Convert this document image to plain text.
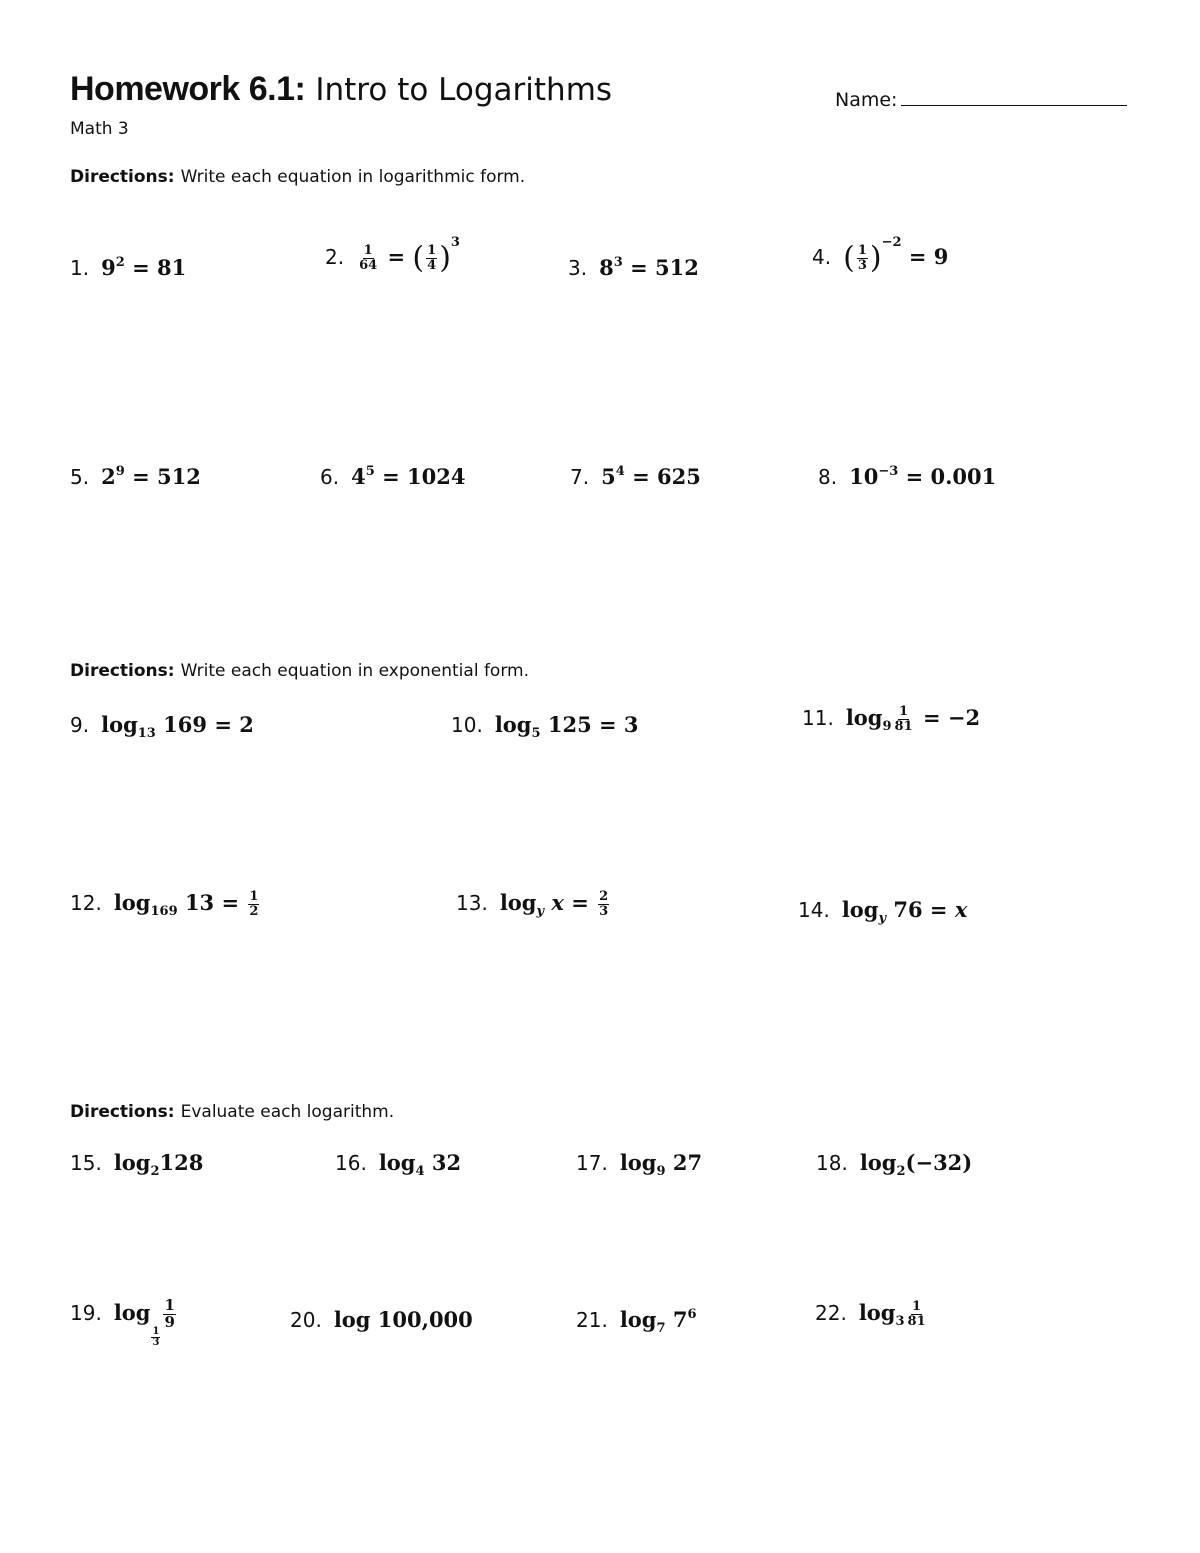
Homework 6.1: Intro to Logarithms
Math 3
Name:
Directions: Write each equation in logarithmic form.
1. $9^2 = 81$	2. $\frac{1}{64}$ = ( $\frac{1}{4} )^3$
3. $8^3 = 512$	4. ( $\frac{1}{3} )^{-2} = 9$
5. $2^9 = 512$	6. $4^5 = 1024$	7. $5^4 = 625$	8. $10^{-3} = 0.001$
Directions: Write each equation in exponential form.
9. $\log_{13} 169 = 2$	10. $\log_5 125 = 3$	11. $\log_9 \frac{1}{81} = -2$
12. $\log_{169} 13 = \frac{1}{2}$	13. $\log_y x = \frac{2}{3}$	14. $\log_y 76 = x$
Directions: Evaluate each logarithm.
15. $\log_2128$	16. $\log_4 32$	17. $\log_9 27$	18. $\log_2(-32)$
19. log
$\frac{1}{3}$
$\frac{1}{9}$	20. log 100,000	21. $\log_7 7^6$	22. $\log_3 \frac{1}{81}$
